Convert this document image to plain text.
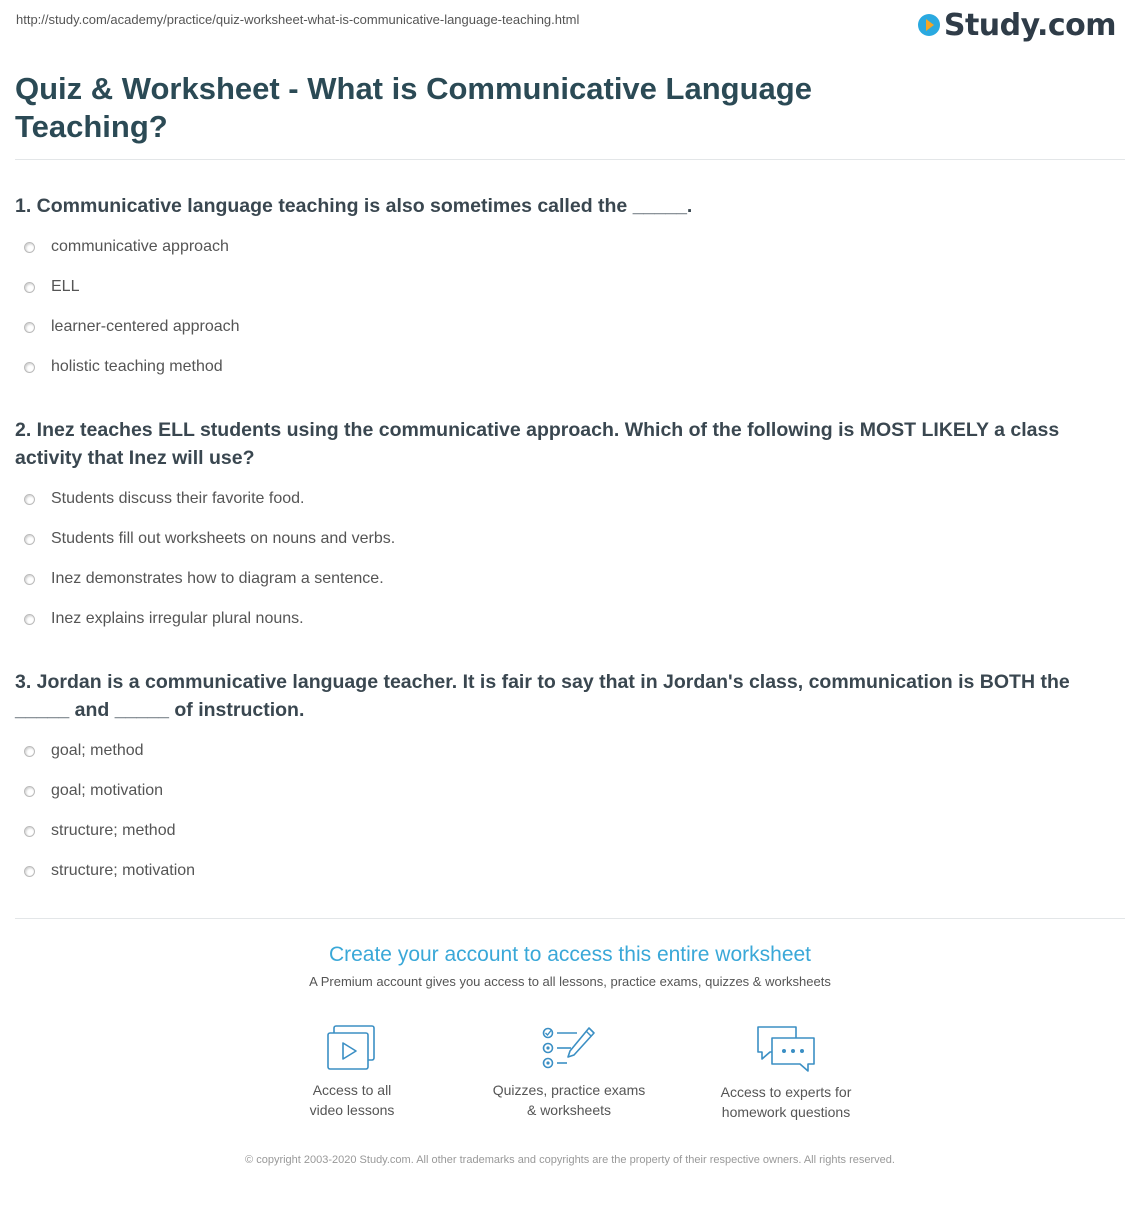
http://study.com/academy/practice/quiz-worksheet-what-is-communicative-language-teaching.html	Study.com
Quiz & Worksheet - What is Communicative Language Teaching?

1. Communicative language teaching is also sometimes called the _____.

communicative approach
ELL
learner-centered approach
holistic teaching method

2. Inez teaches ELL students using the communicative approach. Which of the following is MOST LIKELY a class activity that Inez will use?

Students discuss their favorite food.
Students fill out worksheets on nouns and verbs.
Inez demonstrates how to diagram a sentence.
Inez explains irregular plural nouns.

3. Jordan is a communicative language teacher. It is fair to say that in Jordan's class, communication is BOTH the _____ and _____ of instruction.

goal; method
goal; motivation
structure; method
structure; motivation
Create your account to access this entire worksheet
A Premium account gives you access to all lessons, practice exams, quizzes & worksheets
Access to all
video lessons
Quizzes, practice exams
& worksheets
Access to experts for
homework questions
© copyright 2003-2020 Study.com. All other trademarks and copyrights are the property of their respective owners. All rights reserved.
